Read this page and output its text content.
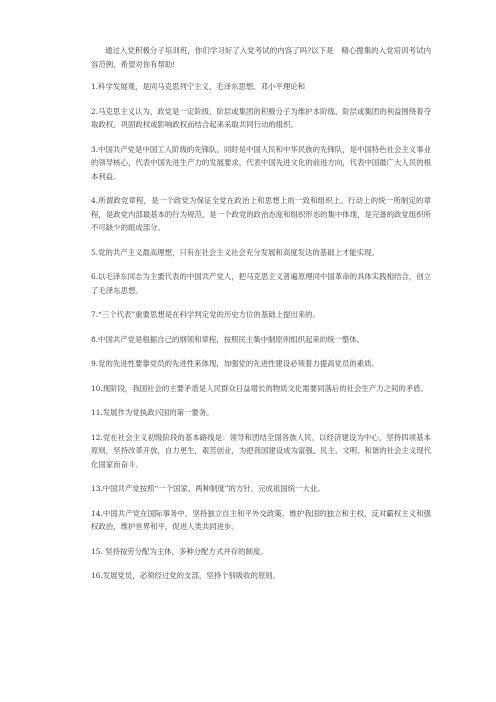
通过入党积极分子培训班，你们学习好了入党考试的内容了吗?以下是　精心搜集的入党培训考试内容范例，希望对你有帮助!

1.科学发展观，是同马克思列宁主义、毛泽东思想、邓小平理论和

2.马克思主义认为，政党是一定阶级、阶层或集团的积极分子为维护本阶级、阶层或集团的利益围绕着夺取政权、巩固政权或影响政权而结合起来采取共同行动的组织。

3.中国共产党是中国工人阶级的先锋队，同时是中国人民和中华民族的先锋队，是中国特色社会主义事业的领导核心，代表中国先进生产力的发展要求，代表中国先进文化的前进方向，代表中国最广大人民的根本利益。

4.所谓政党章程，是一个政党为保证全党在政治上和思想上的一致和组织上、行动上的统一所制定的章程，是政党内部最基本的行为规范，是一个政党的政治态度和组织形态的集中体现，是完备的政党组织所不可缺少的组成部分。

5.党的共产主义最高理想，只有在社会主义社会充分发展和高度发达的基础上才能实现。

6.以毛泽东同志为主要代表的中国共产党人，把马克思主义普遍原理同中国革命的具体实践相结合，创立了毛泽东思想。

7.“三个代表”重要思想是在科学判定党的历史方位的基础上提出来的。

8.中国共产党是根据自己的纲领和章程，按照民主集中制原则组织起来的统一整体。

9.党的先进性要靠党员的先进性来体现，加强党的先进性建设必须着力提高党员的素质。

10.现阶段，我国社会的主要矛盾是人民群众日益增长的物质文化需要同落后的社会生产力之间的矛盾。

11.发展作为党执政兴国的第一要务。

12.党在社会主义初级阶段的基本路线是：领导和团结全国各族人民，以经济建设为中心，坚持四项基本原则，坚持改革开放，自力更生，艰苦创业，为把我国建设成为富强、民主、文明、和谐的社会主义现代化国家而奋斗。

13.中国共产党按照“一个国家、两种制度”的方针，完成祖国统一大业。

14.中国共产党在国际事务中，坚持独立自主和平外交政策，维护我国的独立和主权，反对霸权主义和强权政治，维护世界和平，促进人类共同进步。

15. 坚持按劳分配为主体，多种分配方式并存的制度。

16.发展党员，必须经过党的支部，坚持个别吸收的原则。
